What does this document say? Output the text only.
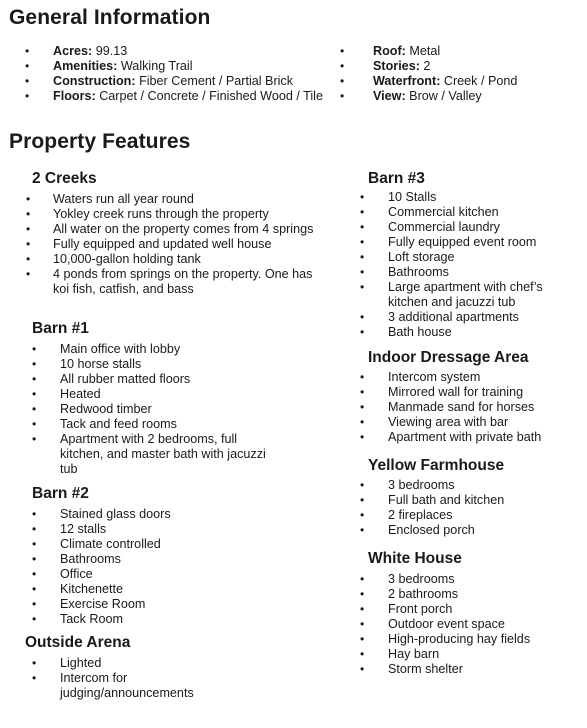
General Information
• Acres: 99.13
• Amenities: Walking Trail
• Construction: Fiber Cement / Partial Brick
• Floors: Carpet / Concrete / Finished Wood / Tile
• Roof: Metal
• Stories: 2
• Waterfront: Creek / Pond
• View: Brow / Valley
Property Features
2 Creeks
• Waters run all year round
• Yokley creek runs through the property
• All water on the property comes from 4 springs
• Fully equipped and updated well house
• 10,000-gallon holding tank
• 4 ponds from springs on the property. One has koi fish, catfish, and bass
Barn #1
• Main office with lobby
• 10 horse stalls
• All rubber matted floors
• Heated
• Redwood timber
• Tack and feed rooms
• Apartment with 2 bedrooms, full kitchen, and master bath with jacuzzi tub
Barn #2
• Stained glass doors
• 12 stalls
• Climate controlled
• Bathrooms
• Office
• Kitchenette
• Exercise Room
• Tack Room
Outside Arena
• Lighted
• Intercom for judging/announcements
Barn #3
• 10 Stalls
• Commercial kitchen
• Commercial laundry
• Fully equipped event room
• Loft storage
• Bathrooms
• Large apartment with chef’s kitchen and jacuzzi tub
• 3 additional apartments
• Bath house
Indoor Dressage Area
• Intercom system
• Mirrored wall for training
• Manmade sand for horses
• Viewing area with bar
• Apartment with private bath
Yellow Farmhouse
• 3 bedrooms
• Full bath and kitchen
• 2 fireplaces
• Enclosed porch
White House
• 3 bedrooms
• 2 bathrooms
• Front porch
• Outdoor event space
• High-producing hay fields
• Hay barn
• Storm shelter
